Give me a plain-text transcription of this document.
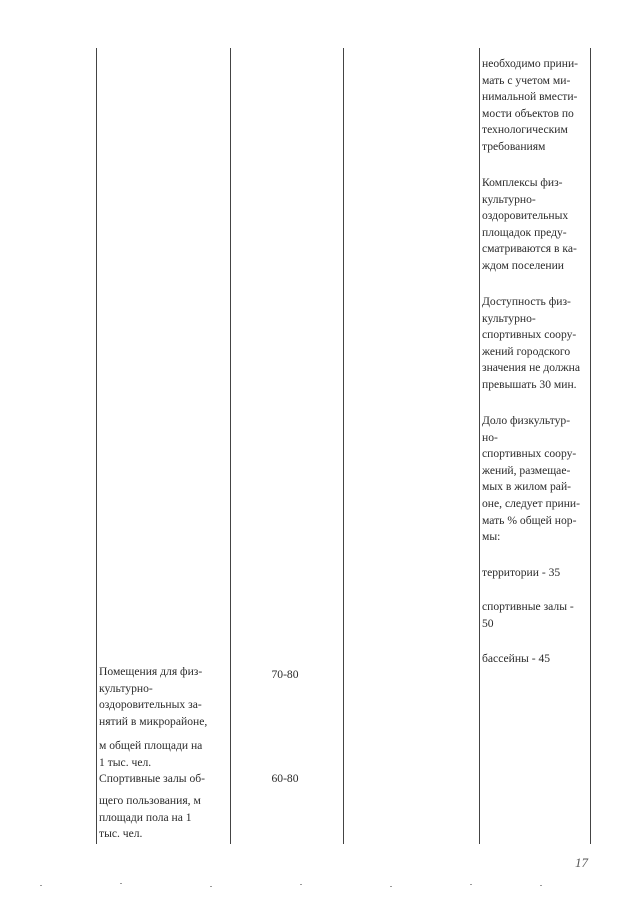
необходимо прини-
мать с учетом ми-
нимальной вмести-
мости объектов по
технологическим
требованиям
Комплексы физ-
культурно-
оздоровительных
площадок преду-
сматриваются в ка-
ждом поселении
Доступность физ-
культурно-
спортивных соору-
жений городского
значения не должна
превышать 30 мин.
Доло физкультур-
но-
спортивных соору-
жений, размещае-
мых в жилом рай-
оне, следует прини-
мать % общей нор-
мы:
территории - 35
спортивные залы -
50
бассейны - 45
Помещения для физ-
культурно-
оздоровительных за-
нятий в микрорайоне,
м общей площади на
1 тыс. чел.
70-80
Спортивные залы об-
щего пользования, м
площади пола на 1
тыс. чел.
60-80
17
